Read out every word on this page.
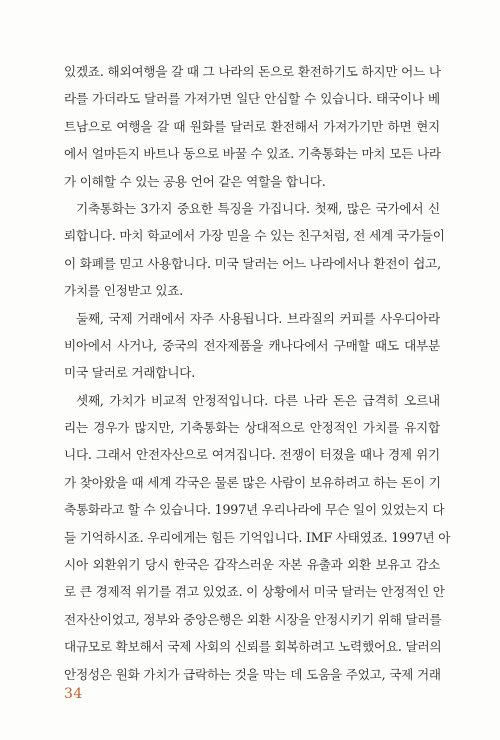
있겠죠. 해외여행을 갈 때 그 나라의 돈으로 환전하기도 하지만 어느 나
라를 가더라도 달러를 가져가면 일단 안심할 수 있습니다. 태국이나 베
트남으로 여행을 갈 때 원화를 달러로 환전해서 가져가기만 하면 현지
에서 얼마든지 바트나 동으로 바꿀 수 있죠. 기축통화는 마치 모든 나라
가 이해할 수 있는 공용 언어 같은 역할을 합니다.
기축통화는 3가지 중요한 특징을 가집니다. 첫째, 많은 국가에서 신
뢰합니다. 마치 학교에서 가장 믿을 수 있는 친구처럼, 전 세계 국가들이
이 화폐를 믿고 사용합니다. 미국 달러는 어느 나라에서나 환전이 쉽고,
가치를 인정받고 있죠.
둘째, 국제 거래에서 자주 사용됩니다. 브라질의 커피를 사우디아라
비아에서 사거나, 중국의 전자제품을 캐나다에서 구매할 때도 대부분
미국 달러로 거래합니다.
셋째, 가치가 비교적 안정적입니다. 다른 나라 돈은 급격히 오르내
리는 경우가 많지만, 기축통화는 상대적으로 안정적인 가치를 유지합
니다. 그래서 안전자산으로 여겨집니다. 전쟁이 터졌을 때나 경제 위기
가 찾아왔을 때 세계 각국은 물론 많은 사람이 보유하려고 하는 돈이 기
축통화라고 할 수 있습니다. 1997년 우리나라에 무슨 일이 있었는지 다
들 기억하시죠. 우리에게는 힘든 기억입니다. IMF 사태였죠. 1997년 아
시아 외환위기 당시 한국은 갑작스러운 자본 유출과 외환 보유고 감소
로 큰 경제적 위기를 겪고 있었죠. 이 상황에서 미국 달러는 안정적인 안
전자산이었고, 정부와 중앙은행은 외환 시장을 안정시키기 위해 달러를
대규모로 확보해서 국제 사회의 신뢰를 회복하려고 노력했어요. 달러의
안정성은 원화 가치가 급락하는 것을 막는 데 도움을 주었고, 국제 거래
34
